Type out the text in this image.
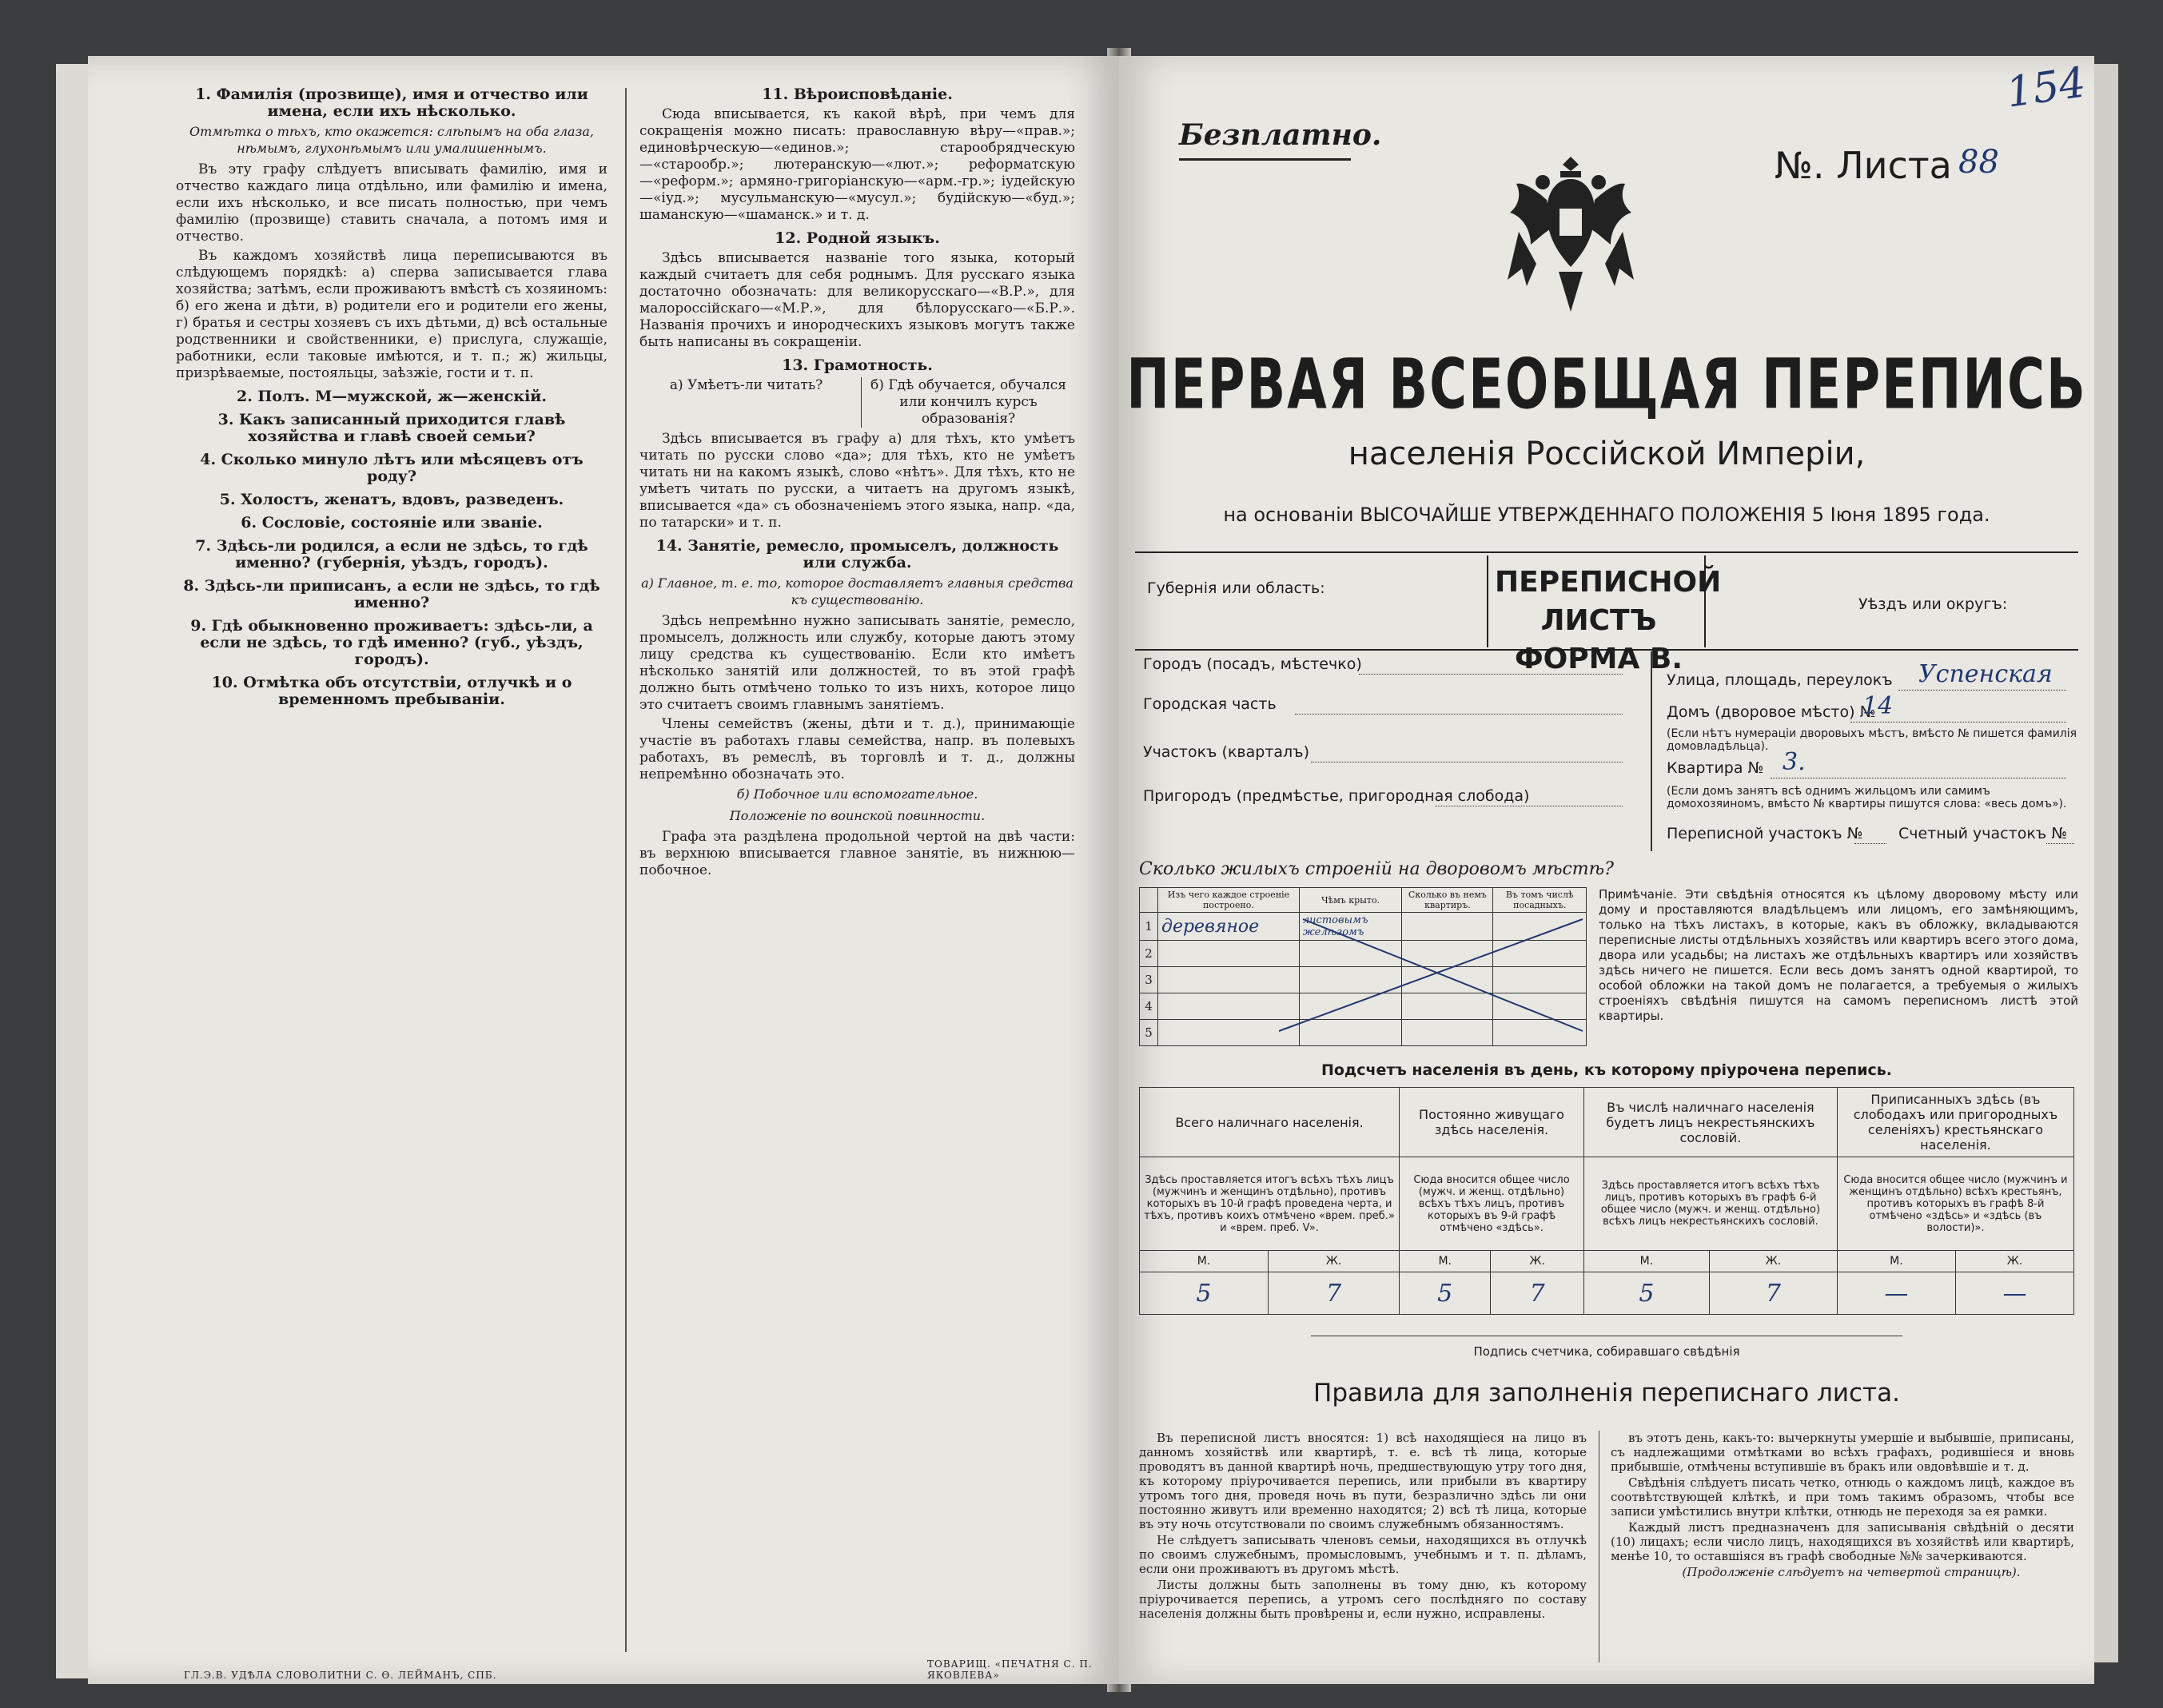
1. Фамилія (прозвище), имя и отчество или имена, если ихъ нѣсколько.
Отмѣтка о тѣхъ, кто окажется: слѣпымъ на оба глаза, нѣмымъ, глухонѣмымъ или умалишеннымъ.

Въ эту графу слѣдуетъ вписывать фамилію, имя и отчество каждаго лица отдѣльно, или фамилію и имена, если ихъ нѣсколько, и все писать полностью, при чемъ фамилію (прозвище) ставить сначала, а потомъ имя и отчество.

Въ каждомъ хозяйствѣ лица переписываются въ слѣдующемъ порядкѣ: а) сперва записывается глава хозяйства; затѣмъ, если проживаютъ вмѣстѣ съ хозяиномъ: б) его жена и дѣти, в) родители его и родители его жены, г) братья и сестры хозяевъ съ ихъ дѣтьми, д) всѣ остальные родственники и свойственники, е) прислуга, служащіе, работники, если таковые имѣются, и т. п.; ж) жильцы, призрѣваемые, постояльцы, заѣзжіе, гости и т. п.

2. Полъ. М—мужской, ж—женскій.
3. Какъ записанный приходится главѣ хозяйства и главѣ своей семьи?
4. Сколько минуло лѣтъ или мѣсяцевъ отъ роду?
5. Холостъ, женатъ, вдовъ, разведенъ.
6. Сословіе, состояніе или званіе.
7. Здѣсь-ли родился, а если не здѣсь, то гдѣ именно? (губернія, уѣздъ, городъ).
8. Здѣсь-ли приписанъ, а если не здѣсь, то гдѣ именно?
9. Гдѣ обыкновенно проживаетъ: здѣсь-ли, а если не здѣсь, то гдѣ именно? (губ., уѣздъ, городъ).
10. Отмѣтка объ отсутствіи, отлучкѣ и о временномъ пребываніи.
ГЛ.Э.В. УДѢЛА СЛОВОЛИТНИ С. Ѳ. ЛЕЙМАНЪ, СПБ.
11. Вѣроисповѣданіе.

Сюда вписывается, къ какой вѣрѣ, при чемъ для сокращенія можно писать: православную вѣру—«прав.»; единовѣрческую—«единов.»; старообрядческую—«старообр.»; лютеранскую—«лют.»; реформатскую—«реформ.»; армяно-григоріанскую—«арм.-гр.»; іудейскую—«іуд.»; мусульманскую—«мусул.»; будійскую—«буд.»; шаманскую—«шаманск.» и т. д.

12. Родной языкъ.

Здѣсь вписывается названіе того языка, который каждый считаетъ для себя роднымъ. Для русскаго языка достаточно обозначать: для великорусскаго—«В.Р.», для малороссійскаго—«М.Р.», для бѣлорусскаго—«Б.Р.». Названія прочихъ и инородческихъ языковъ могутъ также быть написаны въ сокращеніи.

13. Грамотность.
а) Умѣетъ-ли читать?	б) Гдѣ обучается, обучался или кончилъ курсъ образованія?

Здѣсь вписывается въ графу а) для тѣхъ, кто умѣетъ читать по русски слово «да»; для тѣхъ, кто не умѣетъ читать ни на какомъ языкѣ, слово «нѣтъ». Для тѣхъ, кто не умѣетъ читать по русски, а читаетъ на другомъ языкѣ, вписывается «да» съ обозначеніемъ этого языка, напр. «да, по татарски» и т. п.

14. Занятіе, ремесло, промыселъ, должность или служба.
а) Главное, т. е. то, которое доставляетъ главныя средства къ существованію.

Здѣсь непремѣнно нужно записывать занятіе, ремесло, промыселъ, должность или службу, которые даютъ этому лицу средства къ существованію. Если кто имѣетъ нѣсколько занятій или должностей, то въ этой графѣ должно быть отмѣчено только то изъ нихъ, которое лицо это считаетъ своимъ главнымъ занятіемъ.

Члены семействъ (жены, дѣти и т. д.), принимающіе участіе въ работахъ главы семейства, напр. въ полевыхъ работахъ, въ ремеслѣ, въ торговлѣ и т. д., должны непремѣнно обозначать это.

б) Побочное или вспомогательное.
Положеніе по воинской повинности.

Графа эта раздѣлена продольной чертой на двѣ части: въ верхнюю вписывается главное занятіе, въ нижнюю—побочное.

ТОВАРИЩ. «ПЕЧАТНЯ С. П. ЯКОВЛЕВА»
Безплатно.
№. Листа 88
154
ПЕРВАЯ ВСЕОБЩАЯ ПЕРЕПИСЬ
населенія Россійской Имперіи,
на основаніи ВЫСОЧАЙШЕ УТВЕРЖДЕННАГО ПОЛОЖЕНІЯ 5 Іюня 1895 года.
Губернія или область:	ПЕРЕПИСНОЙ ЛИСТЪ
ФОРМА В.
Уѣздъ или округъ:
Городъ (посадъ, мѣстечко)
Городская часть
Участокъ (кварталъ)
Пригородъ (предмѣстье, пригородная слобода)
Улица, площадь, переулокъ Успенская
Домъ (дворовое мѣсто) №
14
(Если нѣтъ нумераціи дворовыхъ мѣстъ, вмѣсто № пишется фамилія домовладѣльца).
Квартира № 3.
(Если домъ занятъ всѣ однимъ жильцомъ или самимъ домохозяиномъ, вмѣсто № квартиры пишутся слова: «весь домъ»).
Переписной участокъ № Счетный участокъ №
Сколько жилыхъ строеній на дворовомъ мѣстѣ?
	Изъ чего каждое строеніе построено.	Чѣмъ крыто.	Сколько въ немъ квартиръ.	Въ томъ числѣ посадныхъ.
1	деревяное	листовымъ желѣзомъ		
2				
3				
4				
5				
Примѣчаніе. Эти свѣдѣнія относятся къ цѣлому дворовому мѣсту или дому и проставляются владѣльцемъ или лицомъ, его замѣняющимъ, только на тѣхъ листахъ, в которые, какъ въ обложку, вкладываются переписные листы отдѣльныхъ хозяйствъ или квартиръ всего этого дома, двора или усадьбы; на листахъ же отдѣльныхъ квартиръ или хозяйствъ здѣсь ничего не пишется. Если весь домъ занятъ одной квартирой, то особой обложки на такой домъ не полагается, а требуемыя о жилыхъ строеніяхъ свѣдѣнія пишутся на самомъ переписномъ листѣ этой квартиры.
Подсчетъ населенія въ день, къ которому пріурочена перепись.
Всего наличнаго населенія.		Постоянно живущаго здѣсь населенія.		Въ числѣ наличнаго населенія будетъ лицъ некрестьянскихъ сословій.		Приписанныхъ здѣсь (въ слободахъ или пригородныхъ селеніяхъ) крестьянскаго населенія.	
Здѣсь проставляется итогъ всѣхъ тѣхъ лицъ (мужчинъ и женщинъ отдѣльно), противъ которыхъ въ 10-й графѣ проведена черта, и тѣхъ, противъ коихъ отмѣчено «врем. преб.» и «врем. преб. V».		Сюда вносится общее число (мужч. и женщ. отдѣльно) всѣхъ тѣхъ лицъ, противъ которыхъ въ 9-й графѣ отмѣчено «здѣсь».		Здѣсь проставляется итогъ всѣхъ тѣхъ лицъ, противъ которыхъ въ графѣ 6-й общее число (мужч. и женщ. отдѣльно) всѣхъ лицъ некрестьянскихъ сословій.		Сюда вносится общее число (мужчинъ и женщинъ отдѣльно) всѣхъ крестьянъ, противъ которыхъ въ графѣ 8-й отмѣчено «здѣсь» и «здѣсь (въ волости)».	
М.	Ж.	М.	Ж.	М.	Ж.	М.	Ж.
5	7	5	7	5	7	—	—
Подпись счетчика, собиравшаго свѣдѣнія
Правила для заполненія переписнаго листа.

Въ переписной листъ вносятся: 1) всѣ находящіеся на лицо въ данномъ хозяйствѣ или квартирѣ, т. е. всѣ тѣ лица, которые проводятъ въ данной квартирѣ ночь, предшествующую утру того дня, къ которому пріурочивается перепись, или прибыли въ квартиру утромъ того дня, проведя ночь въ пути, безразлично здѣсь ли они постоянно живутъ или временно находятся; 2) всѣ тѣ лица, которые въ эту ночь отсутствовали по своимъ служебнымъ обязанностямъ.

Не слѣдуетъ записывать членовъ семьи, находящихся въ отлучкѣ по своимъ служебнымъ, промысловымъ, учебнымъ и т. п. дѣламъ, если они проживаютъ въ другомъ мѣстѣ.

Листы должны быть заполнены въ тому дню, къ которому пріурочивается перепись, а утромъ сего послѣдняго по составу населенія должны быть провѣрены и, если нужно, исправлены.

въ этотъ день, какъ-то: вычеркнуты умершіе и выбывшіе, приписаны, съ надлежащими отмѣтками во всѣхъ графахъ, родившіеся и вновь прибывшіе, отмѣчены вступившіе въ бракъ или овдовѣвшіе и т. д.

Свѣдѣнія слѣдуетъ писать четко, отнюдь о каждомъ лицѣ, каждое въ соотвѣтствующей клѣткѣ, и при томъ такимъ образомъ, чтобы все записи умѣстились внутри клѣтки, отнюдь не переходя за ея рамки.

Каждый листъ предназначенъ для записыванія свѣдѣній о десяти (10) лицахъ; если число лицъ, находящихся въ хозяйствѣ или квартирѣ, менѣе 10, то оставшіяся въ графѣ свободные №№ зачеркиваются.

(Продолженіе слѣдуетъ на четвертой страницѣ).
